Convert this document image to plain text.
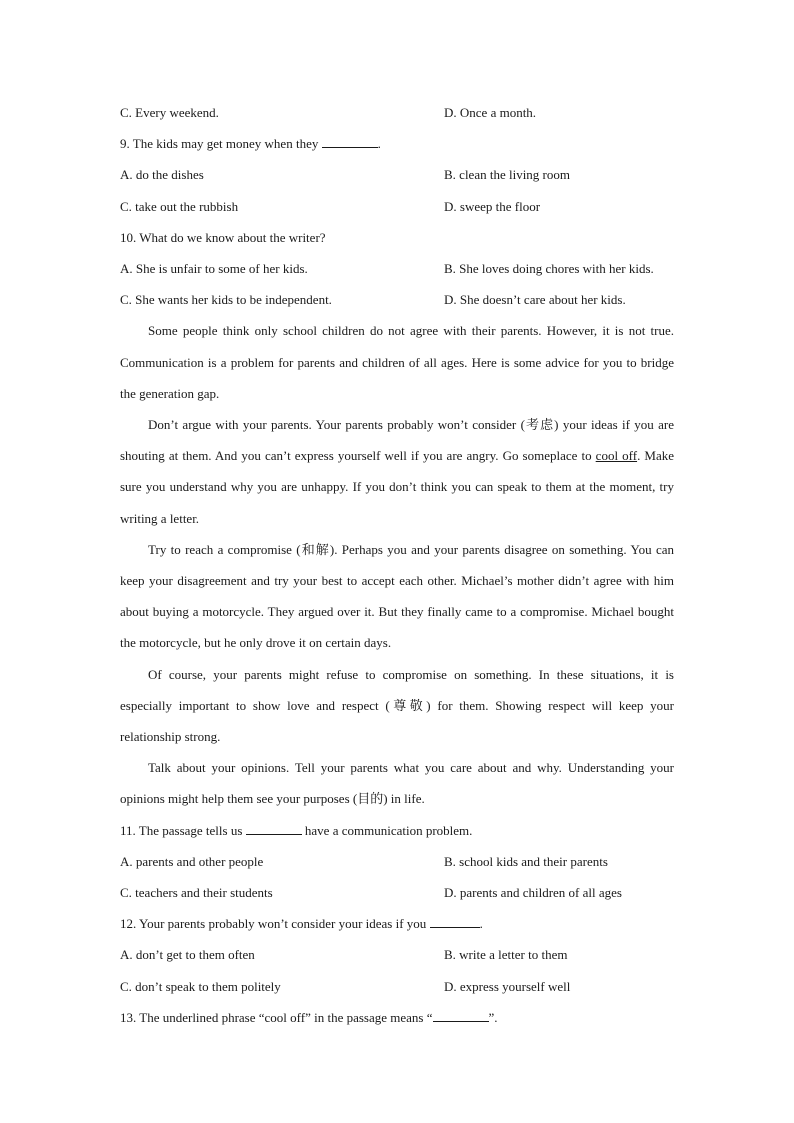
C. Every weekend.	D. Once a month.
9. The kids may get money when they	.
A. do the dishes	B. clean the living room
C. take out the rubbish	D. sweep the floor
10. What do we know about the writer?
A. She is unfair to some of her kids.	B. She loves doing chores with her kids.
C. She wants her kids to be independent.	D. She doesn’t care about her kids.

Some people think only school children do not agree with their parents. However, it is not true. Communication is a problem for parents and children of all ages. Here is some advice for you to bridge the generation gap.

Don’t argue with your parents. Your parents probably won’t consider (考虑) your ideas if you are shouting at them. And you can’t express yourself well if you are angry. Go someplace to cool off. Make sure you understand why you are unhappy. If you don’t think you can speak to them at the moment, try writing a letter.

Try to reach a compromise (和解). Perhaps you and your parents disagree on something. You can keep your disagreement and try your best to accept each other. Michael’s mother didn’t agree with him about buying a motorcycle. They argued over it. But they finally came to a compromise. Michael bought the motorcycle, but he only drove it on certain days.

Of course, your parents might refuse to compromise on something. In these situations, it is especially important to show love and respect (尊敬) for them. Showing respect will keep your relationship strong.

Talk about your opinions. Tell your parents what you care about and why. Understanding your opinions might help them see your purposes (目的) in life.

11. The passage tells us	have a communication problem.
A. parents and other people	B. school kids and their parents
C. teachers and their students	D. parents and children of all ages
12. Your parents probably won’t consider your ideas if you	.
A. don’t get to them often	B. write a letter to them
C. don’t speak to them politely	D. express yourself well
13. The underlined phrase “cool off” in the passage means “	”.
